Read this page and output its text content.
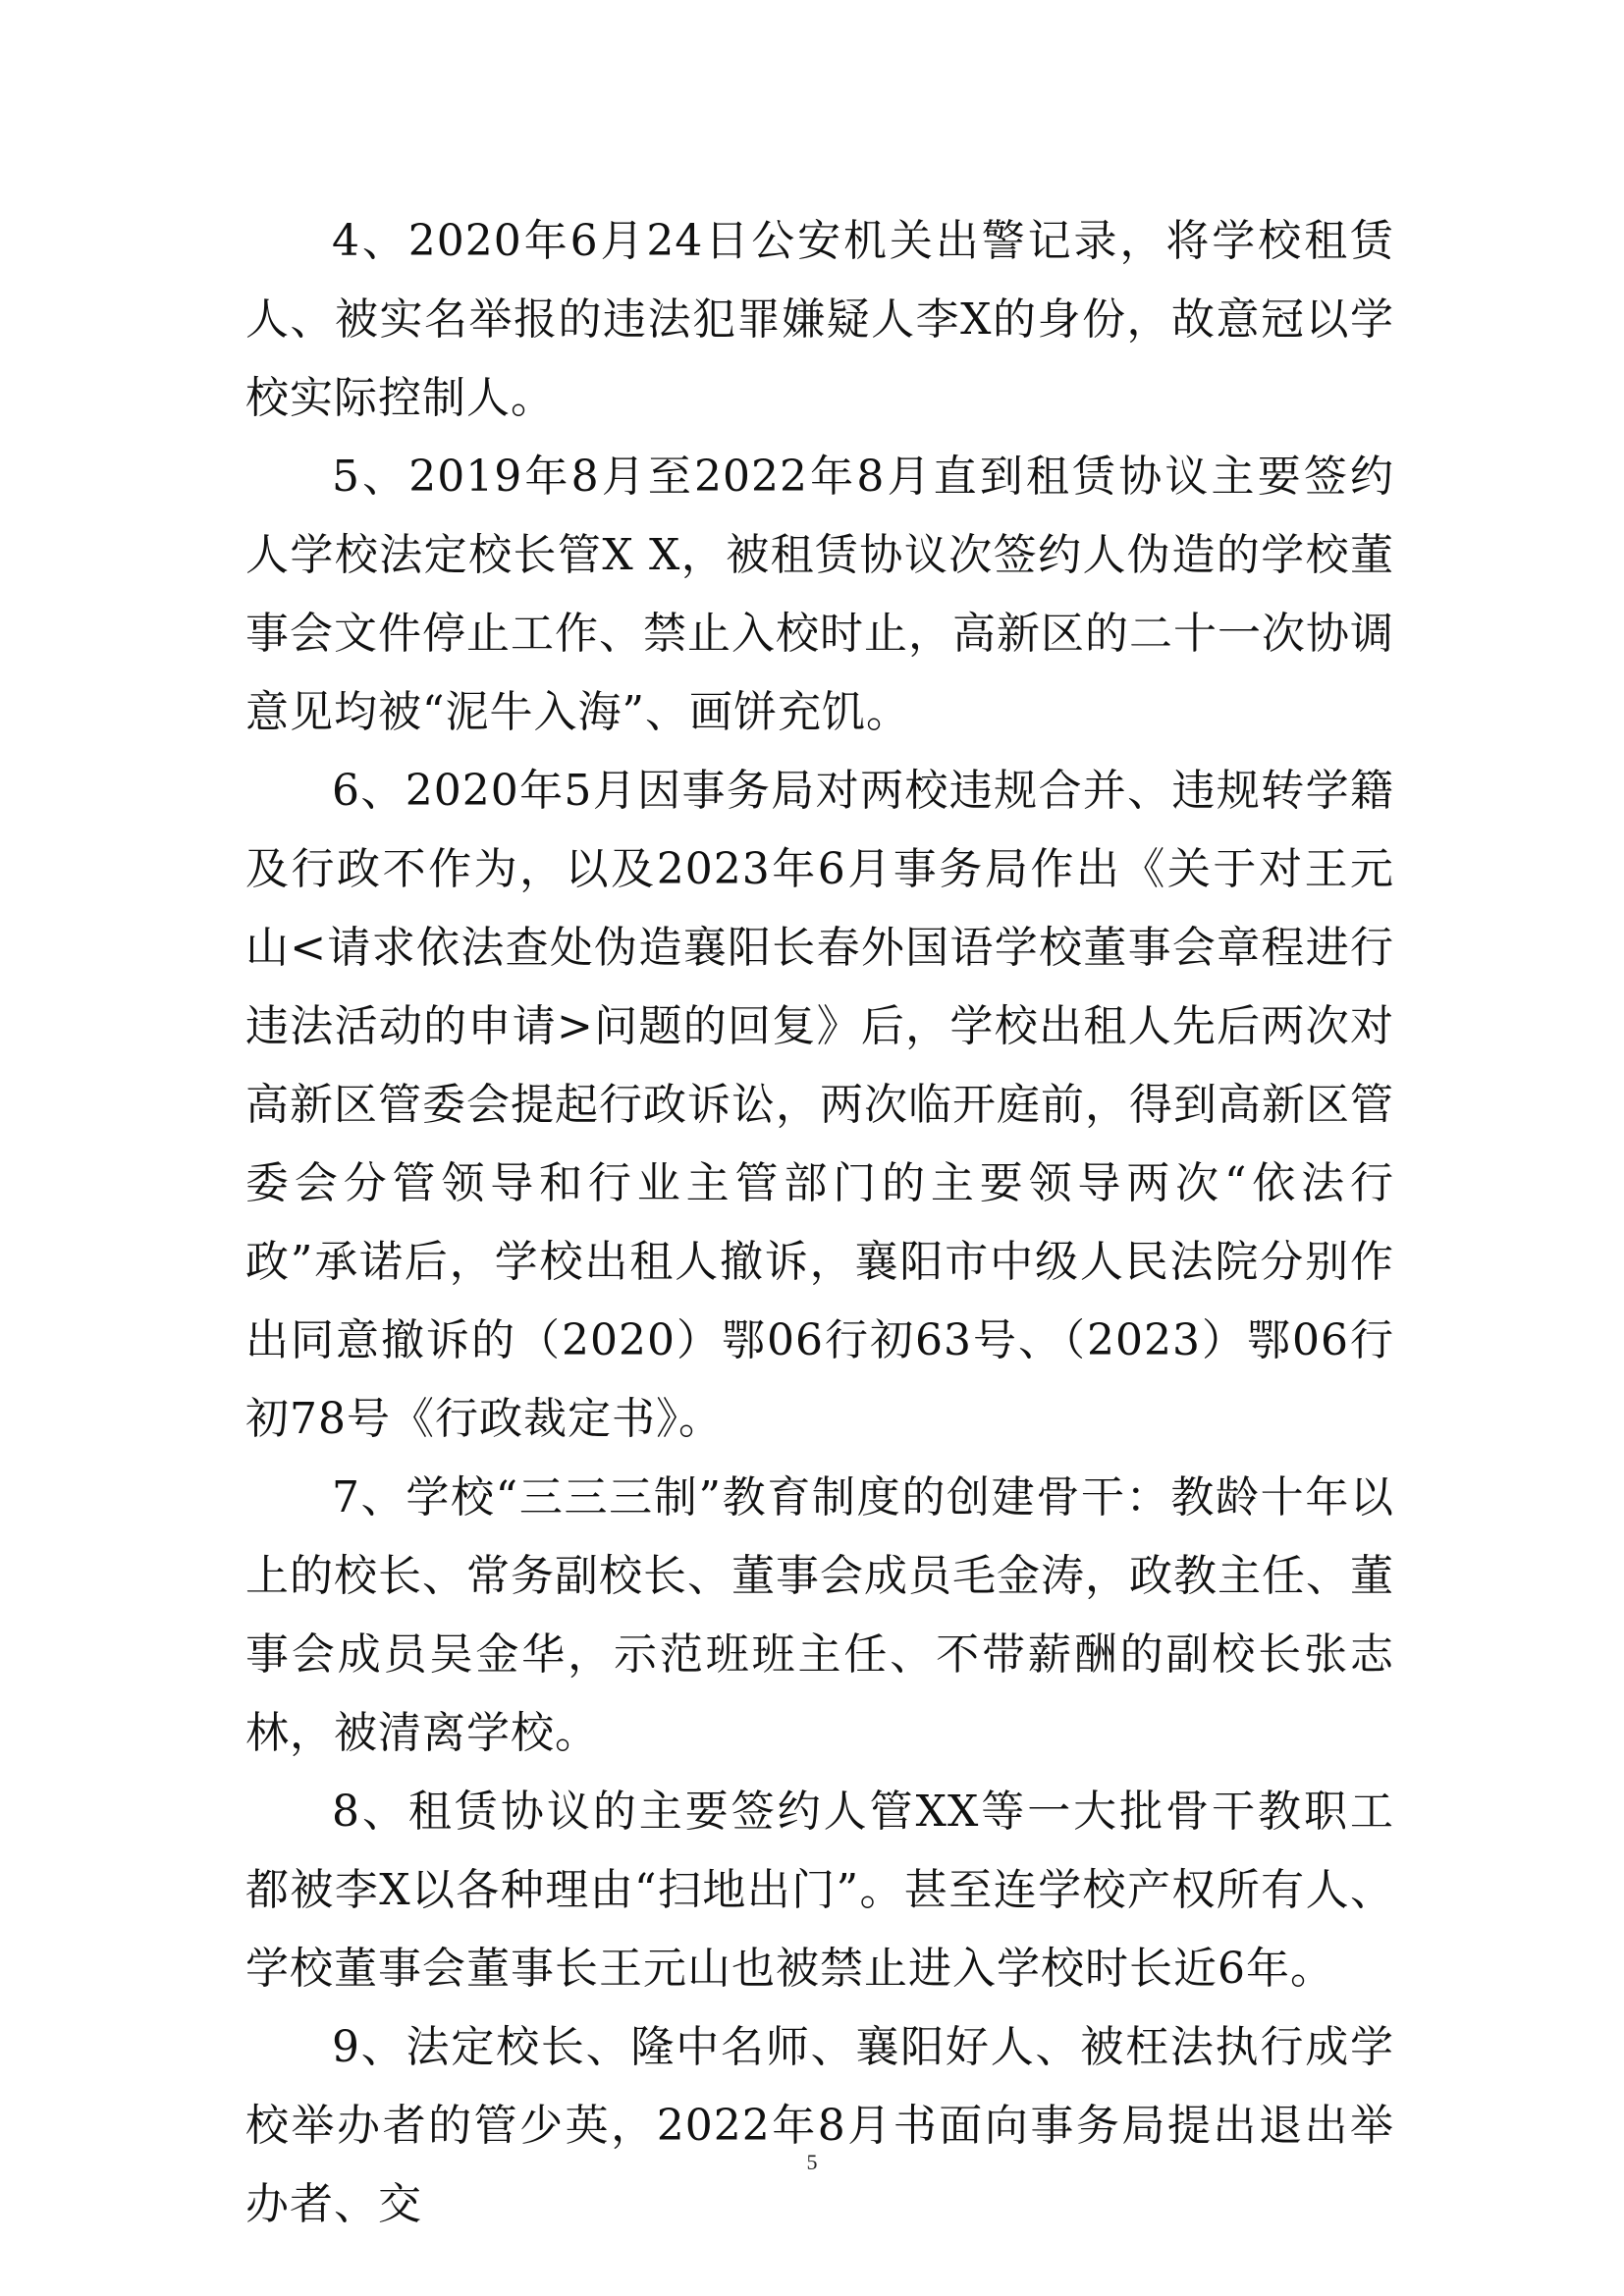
4、2020年6月24日公安机关出警记录，将学校租赁人、被实名举报的违法犯罪嫌疑人李X的身份，故意冠以学校实际控制人。

5、2019年8月至2022年8月直到租赁协议主要签约人学校法定校长管X X，被租赁协议次签约人伪造的学校董事会文件停止工作、禁止入校时止，高新区的二十一次协调意见均被“泥牛入海”、画饼充饥。

6、2020年5月因事务局对两校违规合并、违规转学籍及行政不作为，以及2023年6月事务局作出《关于对王元山<请求依法查处伪造襄阳长春外国语学校董事会章程进行违法活动的申请>问题的回复》后，学校出租人先后两次对高新区管委会提起行政诉讼，两次临开庭前，得到高新区管委会分管领导和行业主管部门的主要领导两次“依法行政”承诺后，学校出租人撤诉，襄阳市中级人民法院分别作出同意撤诉的（2020）鄂06行初63号、（2023）鄂06行初78号《行政裁定书》。

7、学校“三三三制”教育制度的创建骨干：教龄十年以上的校长、常务副校长、董事会成员毛金涛，政教主任、董事会成员吴金华，示范班班主任、不带薪酬的副校长张志林，被清离学校。

8、租赁协议的主要签约人管XX等一大批骨干教职工都被李X以各种理由“扫地出门”。甚至连学校产权所有人、学校董事会董事长王元山也被禁止进入学校时长近6年。

9、法定校长、隆中名师、襄阳好人、被枉法执行成学校举办者的管少英，2022年8月书面向事务局提出退出举办者、交

5
